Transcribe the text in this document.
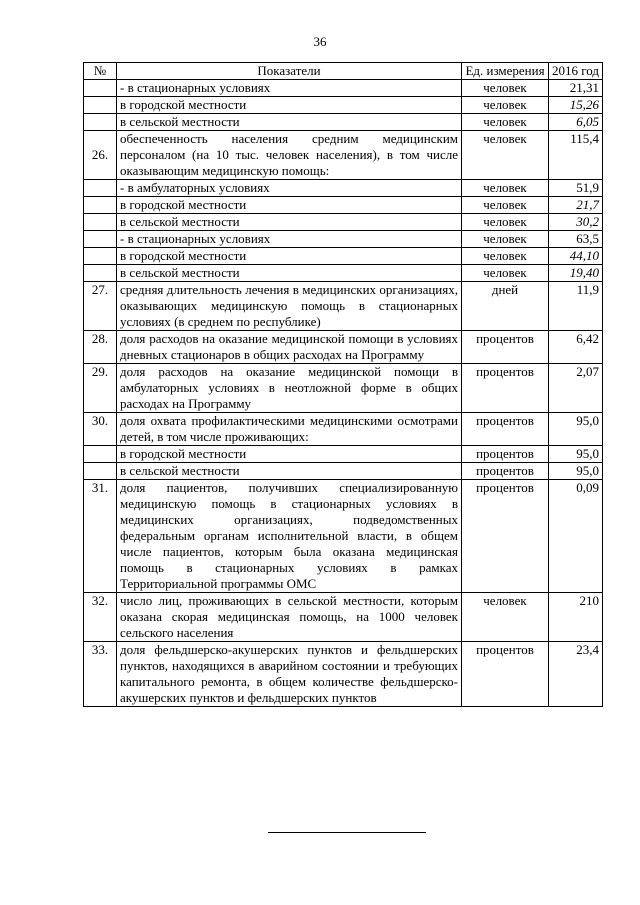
36
№	Показатели	Ед. измерения	2016 год
	- в стационарных условиях	человек	21,31
	в городской местности	человек	15,26
	в сельской местности	человек	6,05
26.	обеспеченность населения средним медицинским персоналом (на 10 тыс. человек населения), в том числе оказывающим медицинскую помощь:	человек	115,4
	- в амбулаторных условиях	человек	51,9
	в городской местности	человек	21,7
	в сельской местности	человек	30,2
	- в стационарных условиях	человек	63,5
	в городской местности	человек	44,10
	в сельской местности	человек	19,40
27.	средняя длительность лечения в медицинских организациях, оказывающих медицинскую помощь в стационарных условиях (в среднем по республике)	дней	11,9
28.	доля расходов на оказание медицинской помощи в условиях дневных стационаров в общих расходах на Программу	процентов	6,42
29.	доля расходов на оказание медицинской помощи в амбулаторных условиях в неотложной форме в общих расходах на Программу	процентов	2,07
30.	доля охвата профилактическими медицинскими осмотрами детей, в том числе проживающих:	процентов	95,0
	в городской местности	процентов	95,0
	в сельской местности	процентов	95,0
31.	доля пациентов, получивших специализированную медицинскую помощь в стационарных условиях в медицинских организациях, подведомственных федеральным органам исполнительной власти, в общем числе пациентов, которым была оказана медицинская помощь в стационарных условиях в рамках Территориальной программы ОМС	процентов	0,09
32.	число лиц, проживающих в сельской местности, которым оказана скорая медицинская помощь, на 1000 человек сельского населения	человек	210
33.	доля фельдшерско-акушерских пунктов и фельдшерских пунктов, находящихся в аварийном состоянии и требующих капитального ремонта, в общем количестве фельдшерско-акушерских пунктов и фельдшерских пунктов	процентов	23,4
